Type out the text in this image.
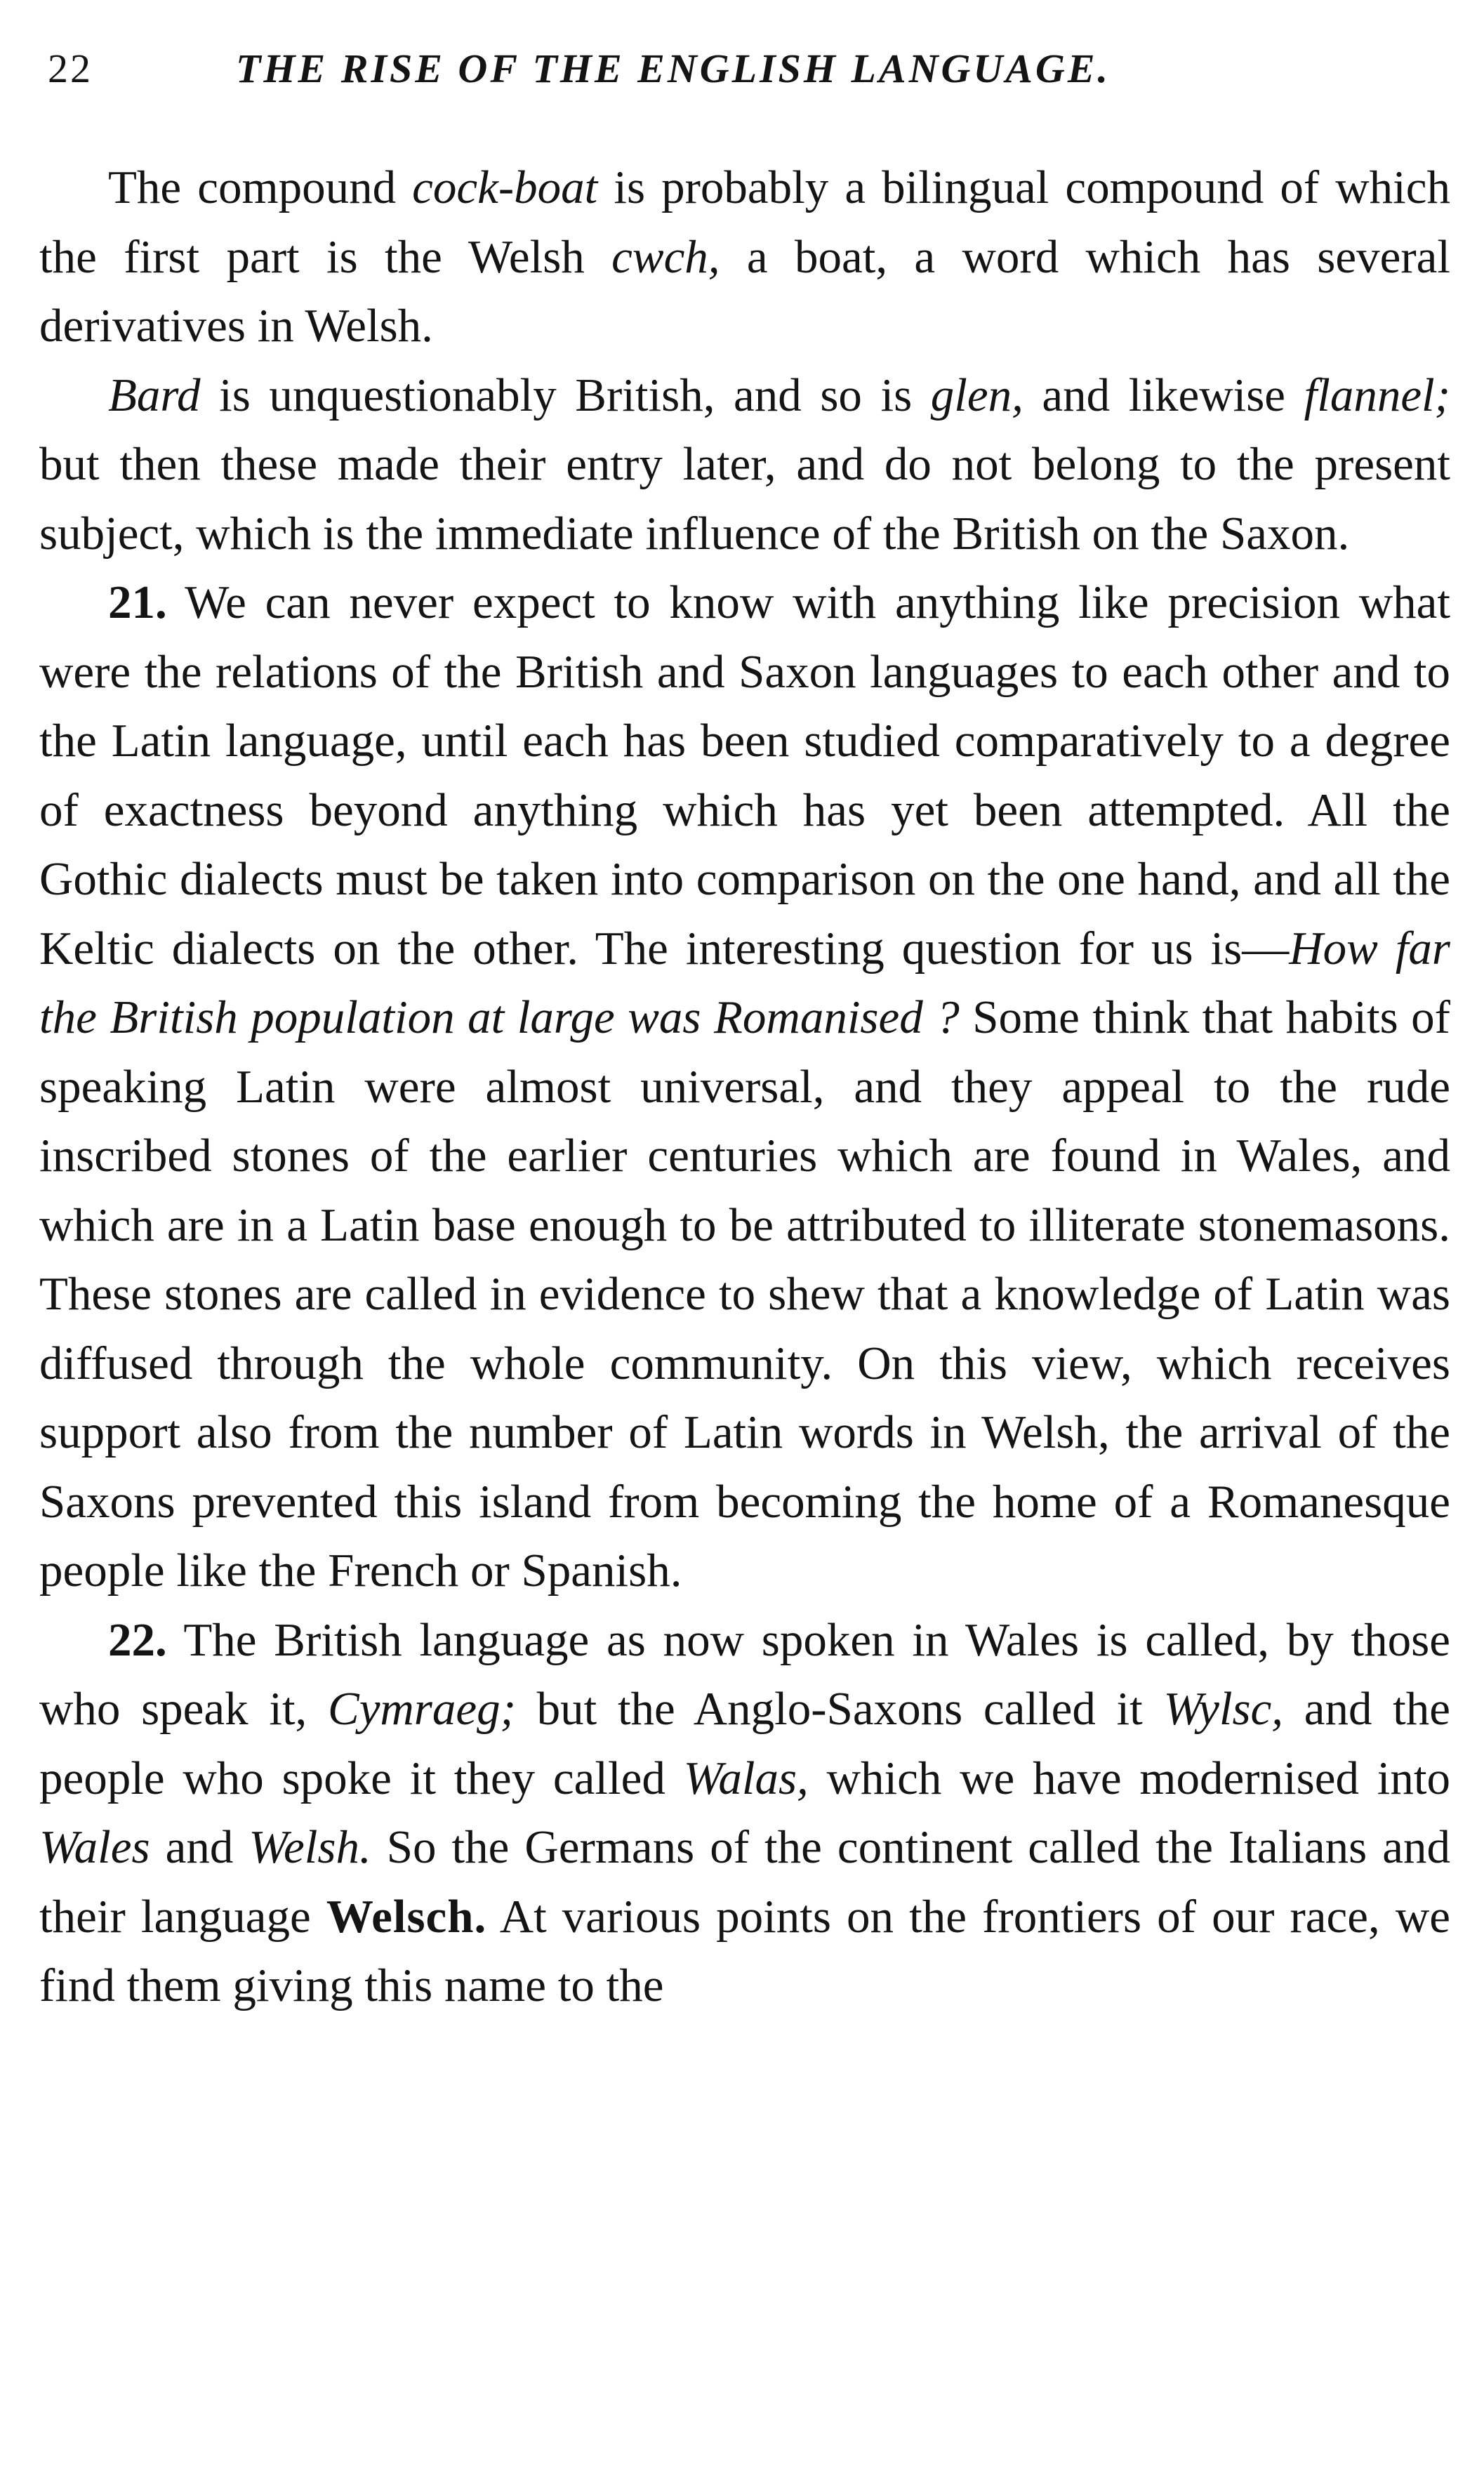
22	THE RISE OF THE ENGLISH LANGUAGE.

The compound cock-boat is probably a bilingual compound of which the first part is the Welsh cwch, a boat, a word which has several derivatives in Welsh.

Bard is unquestionably British, and so is glen, and likewise flannel; but then these made their entry later, and do not belong to the present subject, which is the immediate influence of the British on the Saxon.

21. We can never expect to know with anything like precision what were the relations of the British and Saxon languages to each other and to the Latin language, until each has been studied comparatively to a degree of exactness beyond anything which has yet been attempted. All the Gothic dialects must be taken into comparison on the one hand, and all the Keltic dialects on the other. The interesting question for us is—How far the British population at large was Romanised ? Some think that habits of speaking Latin were almost universal, and they appeal to the rude inscribed stones of the earlier centuries which are found in Wales, and which are in a Latin base enough to be attributed to illiterate stonemasons. These stones are called in evidence to shew that a knowledge of Latin was diffused through the whole community. On this view, which receives support also from the number of Latin words in Welsh, the arrival of the Saxons prevented this island from becoming the home of a Romanesque people like the French or Spanish.

22. The British language as now spoken in Wales is called, by those who speak it, Cymraeg; but the Anglo-Saxons called it Wylsc, and the people who spoke it they called Walas, which we have modernised into Wales and Welsh. So the Germans of the continent called the Italians and their language Welsch. At various points on the frontiers of our race, we find them giving this name to the
